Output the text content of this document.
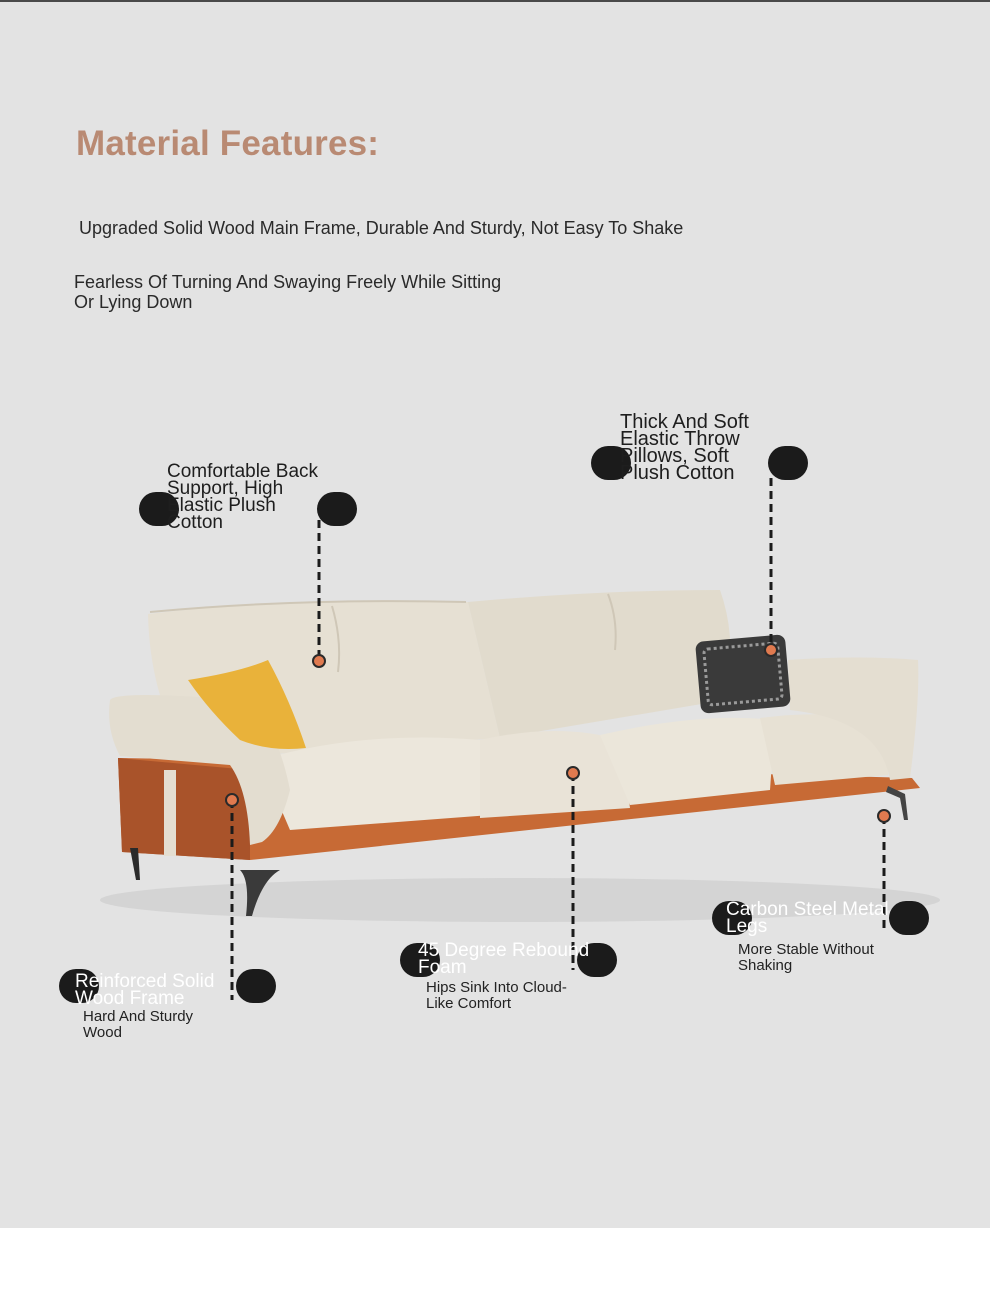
Material Features:
Upgraded Solid Wood Main Frame, Durable And Sturdy, Not Easy To Shake
Fearless Of Turning And Swaying Freely While Sitting Or Lying Down
Comfortable Back Support, High Elastic Plush Cotton
Thick And Soft Elastic Throw Pillows, Soft Plush Cotton
Carbon Steel Metal Legs
More Stable Without Shaking
45 Degree Rebound Foam
Hips Sink Into Cloud-Like Comfort
Reinforced Solid Wood Frame
Hard And Sturdy Wood
